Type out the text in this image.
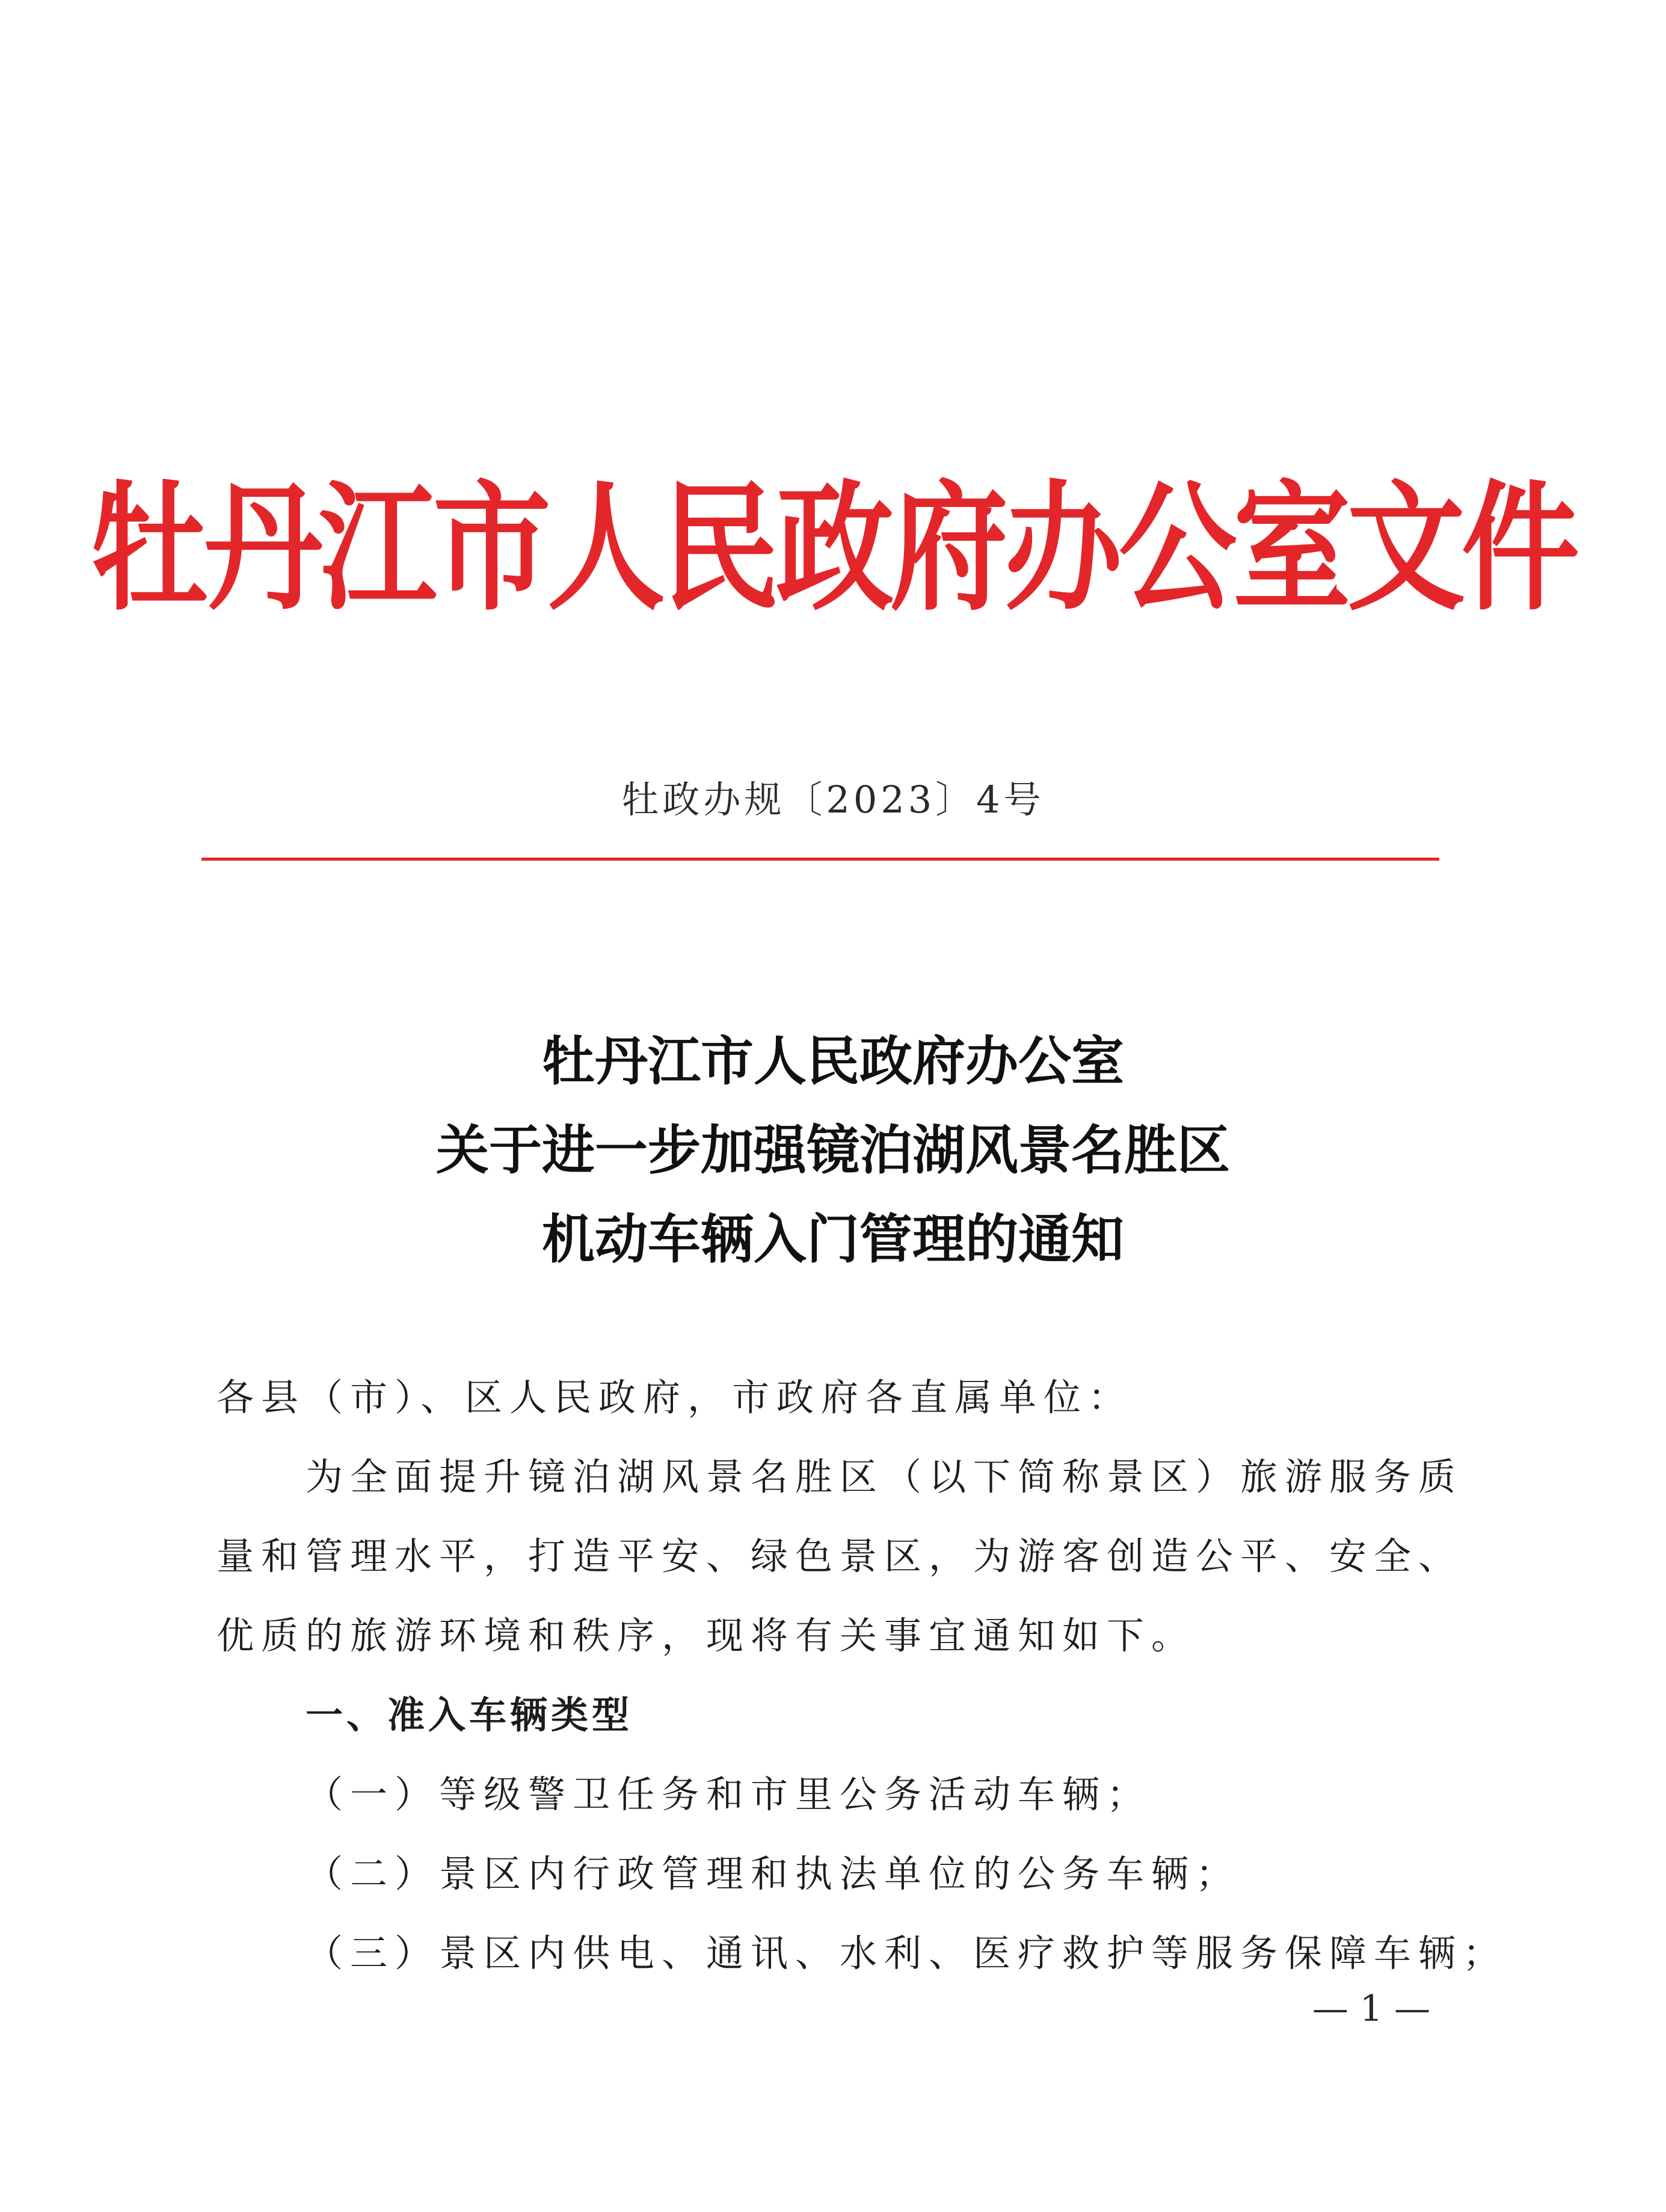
牡丹江市人民政府办公室文件
牡政办规〔2023〕4号
牡丹江市人民政府办公室
关于进一步加强镜泊湖风景名胜区
机动车辆入门管理的通知

各县（市）、区人民政府，市政府各直属单位：

为全面提升镜泊湖风景名胜区（以下简称景区）旅游服务质

量和管理水平，打造平安、绿色景区，为游客创造公平、安全、

优质的旅游环境和秩序，现将有关事宜通知如下。

一、准入车辆类型

（一）等级警卫任务和市里公务活动车辆；

（二）景区内行政管理和执法单位的公务车辆；

（三）景区内供电、通讯、水利、医疗救护等服务保障车辆；

— 1 —
